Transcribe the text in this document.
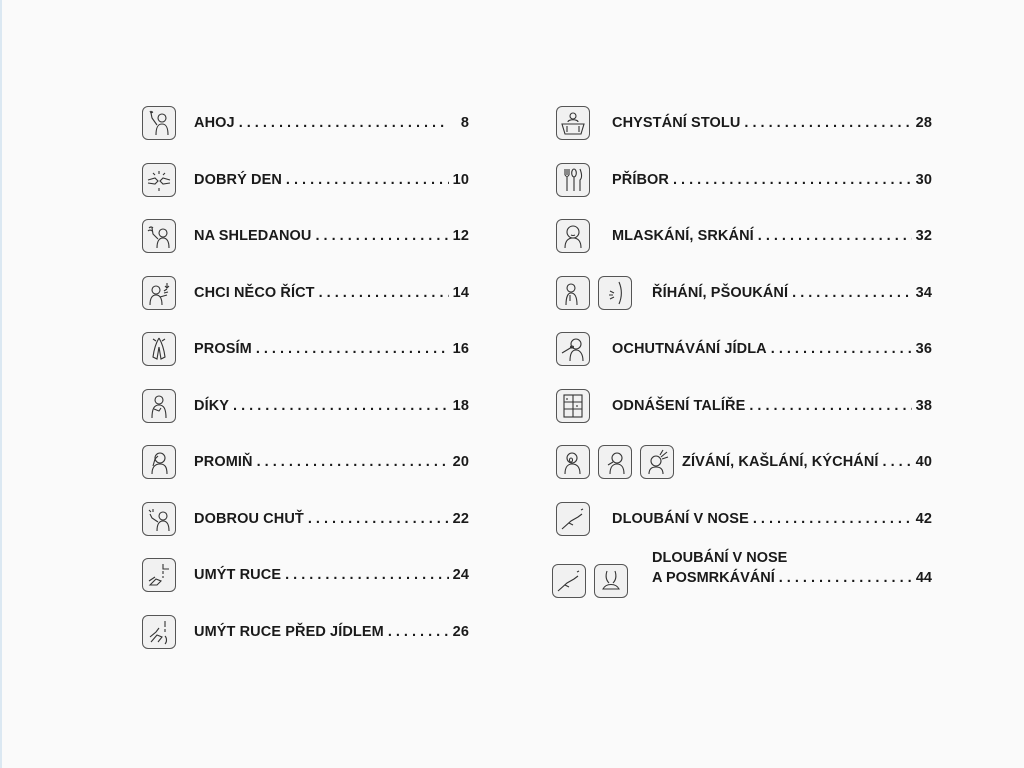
AHOJ . . .	8
DOBRÝ DEN . . .	10
NA SHLEDANOU . . .	12
CHCI NĚCO ŘÍCT . . .	14
PROSÍM . . .	16
DÍKY . . .	18
PROMIŇ . . .	20
DOBROU CHUŤ . . .	22
UMÝT RUCE . . .	24
UMÝT RUCE PŘED JÍDLEM . . .	26
CHYSTÁNÍ STOLU . . .	28
PŘÍBOR . . .	30
MLASKÁNÍ, SRKÁNÍ . . .	32
ŘÍHÁNÍ, PŠOUKÁNÍ . . .	34
OCHUTNÁVÁNÍ JÍDLA . . .	36
ODNÁŠENÍ TALÍŘE . . .	38
ZÍVÁNÍ, KAŠLÁNÍ, KÝCHÁNÍ . . .	40
DLOUBÁNÍ V NOSE . . .	42
DLOUBÁNÍ V NOSE
A POSMRKÁVÁNÍ . . .	44
